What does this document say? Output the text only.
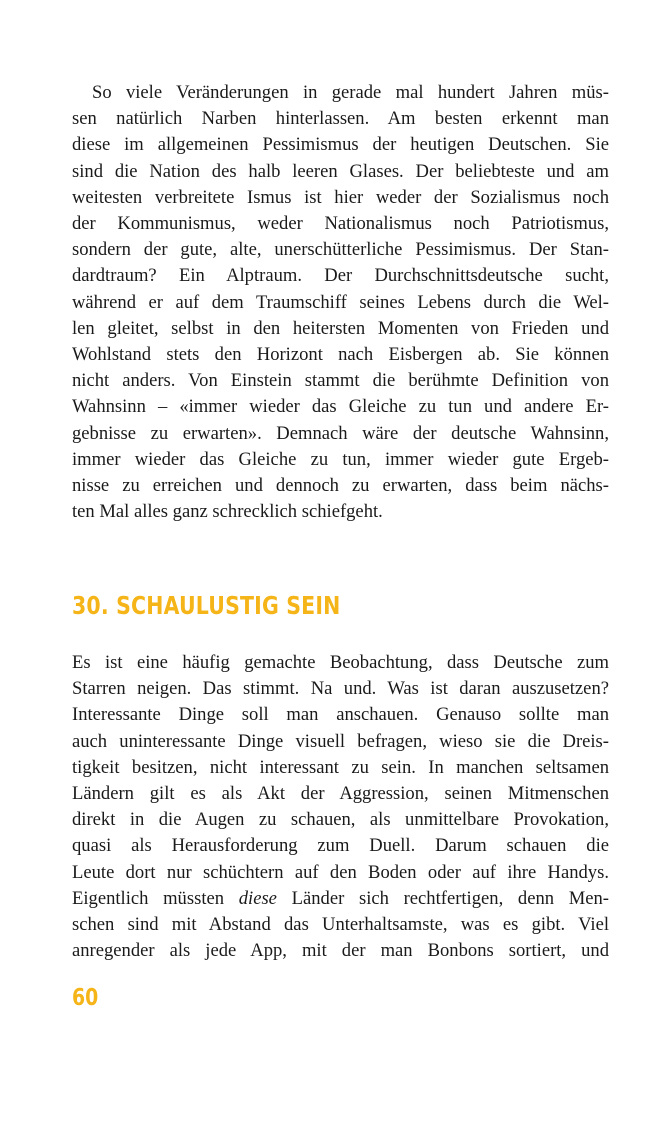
So viele Veränderungen in gerade mal hundert Jahren müs-
sen natürlich Narben hinterlassen. Am besten erkennt man
diese im allgemeinen Pessimismus der heutigen Deutschen. Sie
sind die Nation des halb leeren Glases. Der beliebteste und am
weitesten verbreitete Ismus ist hier weder der Sozialismus noch
der Kommunismus, weder Nationalismus noch Patriotismus,
sondern der gute, alte, unerschütterliche Pessimismus. Der Stan-
dardtraum? Ein Alptraum. Der Durchschnittsdeutsche sucht,
während er auf dem Traumschiff seines Lebens durch die Wel-
len gleitet, selbst in den heitersten Momenten von Frieden und
Wohlstand stets den Horizont nach Eisbergen ab. Sie können
nicht anders. Von Einstein stammt die berühmte Definition von
Wahnsinn – «immer wieder das Gleiche zu tun und andere Er-
gebnisse zu erwarten». Demnach wäre der deutsche Wahnsinn,
immer wieder das Gleiche zu tun, immer wieder gute Ergeb-
nisse zu erreichen und dennoch zu erwarten, dass beim nächs-
ten Mal alles ganz schrecklich schiefgeht.
30. SCHAULUSTIG SEIN
Es ist eine häufig gemachte Beobachtung, dass Deutsche zum
Starren neigen. Das stimmt. Na und. Was ist daran auszusetzen?
Interessante Dinge soll man anschauen. Genauso sollte man
auch uninteressante Dinge visuell befragen, wieso sie die Dreis-
tigkeit besitzen, nicht interessant zu sein. In manchen seltsamen
Ländern gilt es als Akt der Aggression, seinen Mitmenschen
direkt in die Augen zu schauen, als unmittelbare Provokation,
quasi als Herausforderung zum Duell. Darum schauen die
Leute dort nur schüchtern auf den Boden oder auf ihre Handys.
Eigentlich müssten diese Länder sich rechtfertigen, denn Men-
schen sind mit Abstand das Unterhaltsamste, was es gibt. Viel
anregender als jede App, mit der man Bonbons sortiert, und
60
